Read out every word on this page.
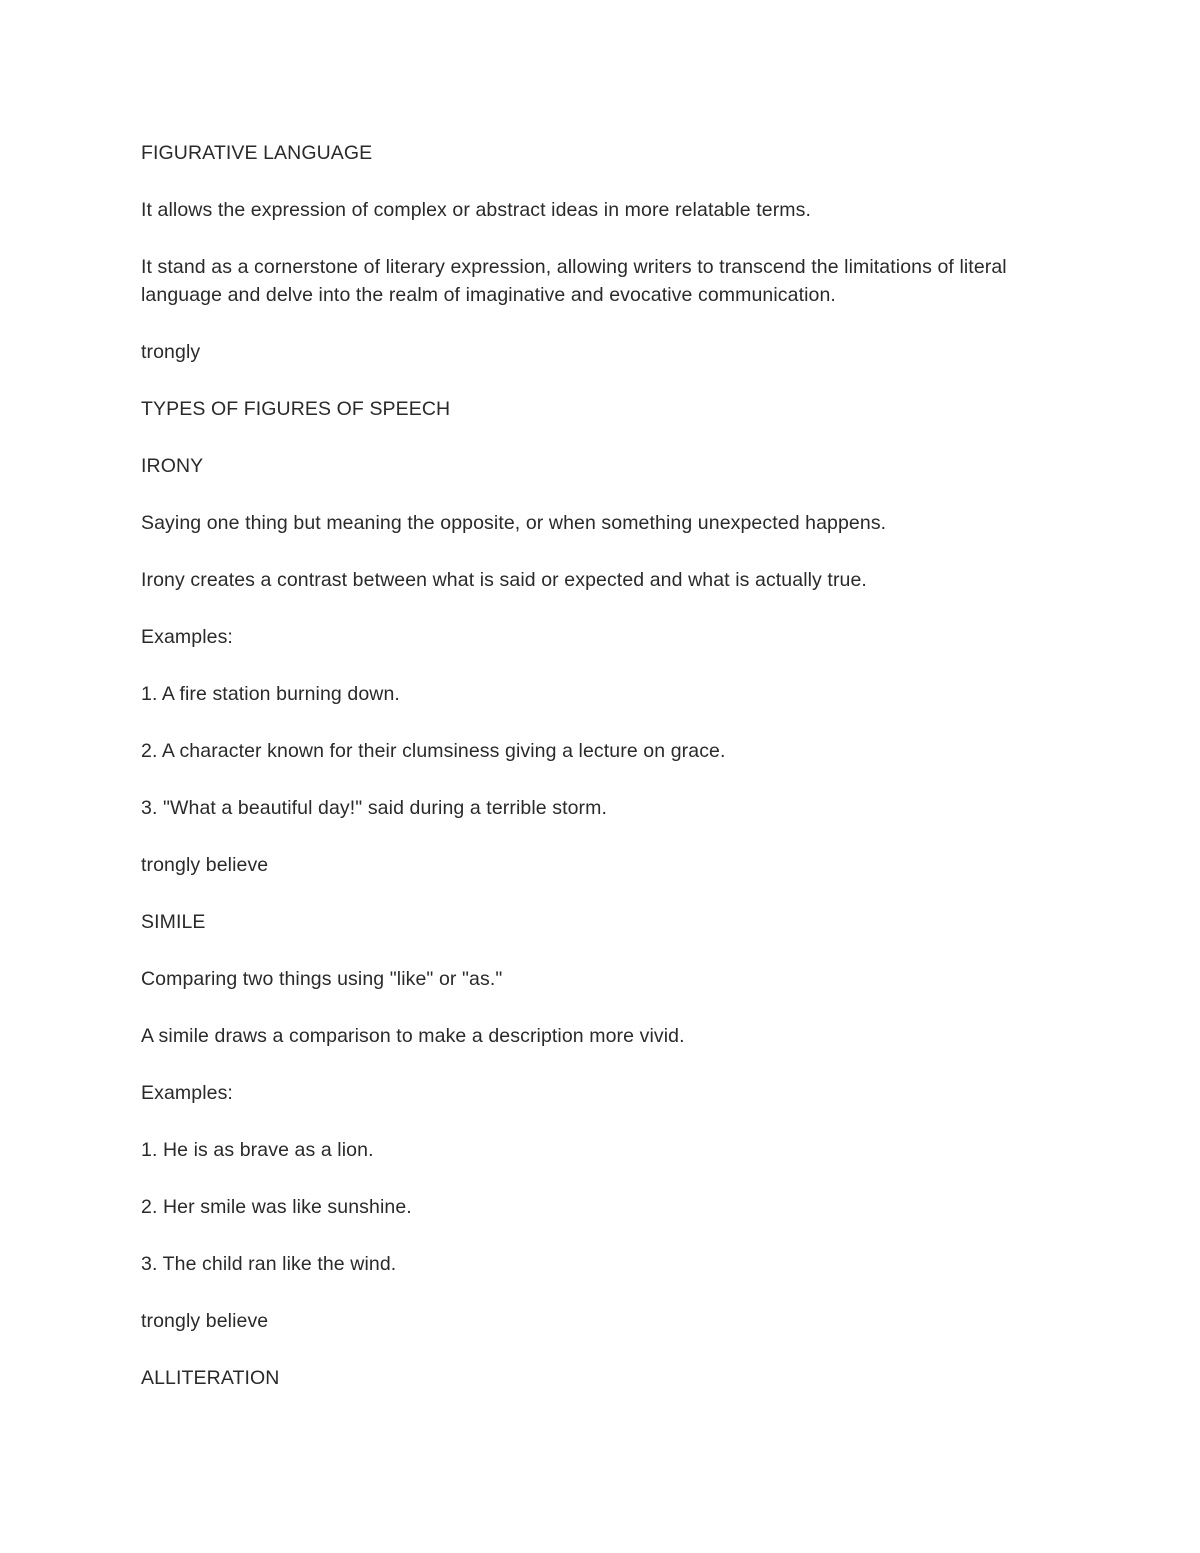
FIGURATIVE LANGUAGE

It allows the expression of complex or abstract ideas in more relatable terms.

It stand as a cornerstone of literary expression, allowing writers to transcend the limitations of literal language and delve into the realm of imaginative and evocative communication.

trongly

TYPES OF FIGURES OF SPEECH

IRONY

Saying one thing but meaning the opposite, or when something unexpected happens.

Irony creates a contrast between what is said or expected and what is actually true.

Examples:

1. A fire station burning down.

2. A character known for their clumsiness giving a lecture on grace.

3. "What a beautiful day!" said during a terrible storm.

trongly believe

SIMILE

Comparing two things using "like" or "as."

A simile draws a comparison to make a description more vivid.

Examples:

1. He is as brave as a lion.

2. Her smile was like sunshine.

3. The child ran like the wind.

trongly believe

ALLITERATION
